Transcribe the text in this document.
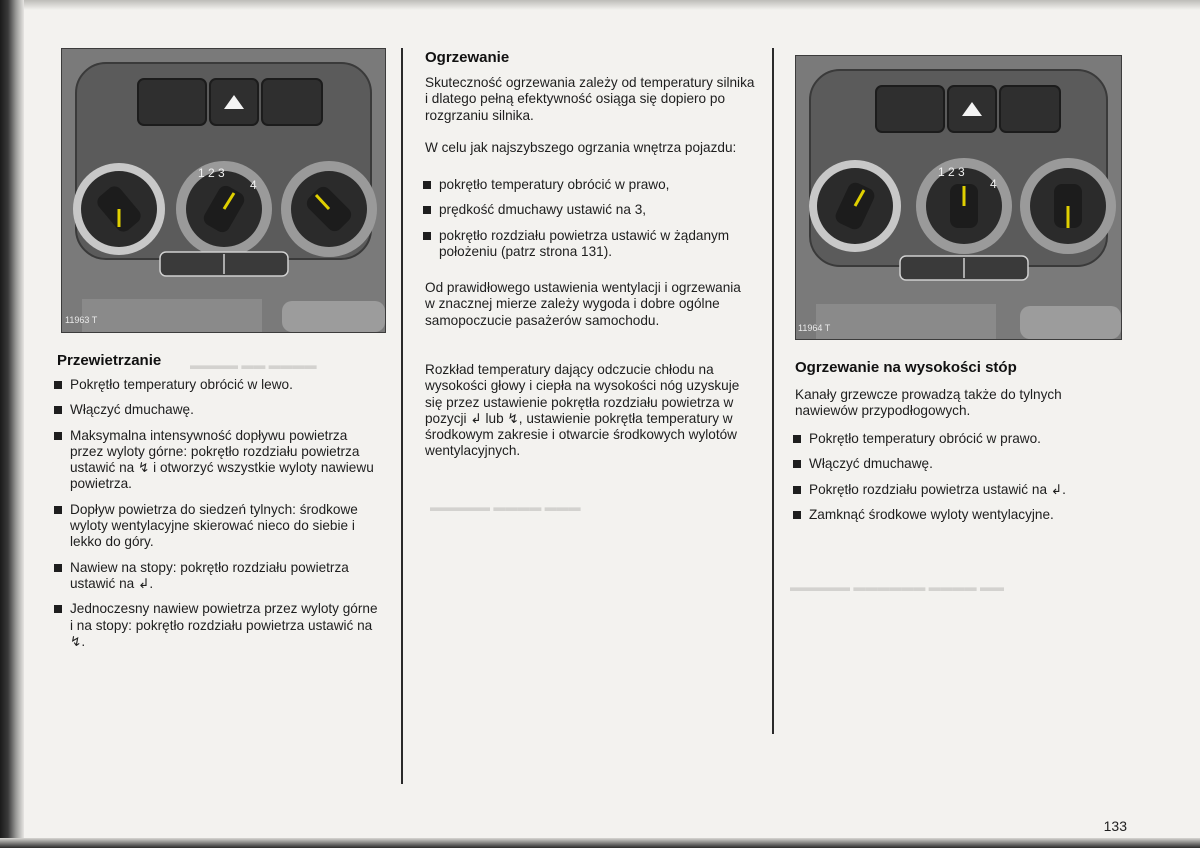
▬▬▬▬ ▬▬ ▬▬▬▬
▬▬▬▬▬ ▬▬▬▬ ▬▬▬
▬▬▬▬▬ ▬▬▬▬▬▬ ▬▬▬▬ ▬▬
1 2 3
4
11963 T
1 2 3
4
11964 T
Przewietrzanie
Pokrętło temperatury obrócić w lewo.
Włączyć dmuchawę.
Maksymalna intensywność dopływu powietrza przez wyloty górne: pokrętło rozdziału powietrza ustawić na ↯ i otworzyć wszystkie wyloty nawiewu powietrza.
Dopływ powietrza do siedzeń tylnych: środkowe wyloty wentylacyjne skierować nieco do siebie i lekko do góry.
Nawiew na stopy: pokrętło rozdziału powietrza ustawić na ↲.
Jednoczesny nawiew powietrza przez wyloty górne i na stopy: pokrętło rozdziału powietrza ustawić na ↯.
Ogrzewanie

Skuteczność ogrzewania zależy od temperatury silnika i dlatego pełną efektywność osiąga się dopiero po rozgrzaniu silnika.

W celu jak najszybszego ogrzania wnętrza pojazdu:

pokrętło temperatury obrócić w prawo,
prędkość dmuchawy ustawić na 3,
pokrętło rozdziału powietrza ustawić w żądanym położeniu (patrz strona 131).

Od prawidłowego ustawienia wentylacji i ogrzewania w znacznej mierze zależy wygoda i dobre ogólne samopoczucie pasażerów samochodu.

Rozkład temperatury dający odczucie chłodu na wysokości głowy i ciepła na wysokości nóg uzyskuje się przez ustawienie pokrętła rozdziału powietrza w pozycji ↲ lub ↯, ustawienie pokrętła temperatury w środkowym zakresie i otwarcie środkowych wylotów wentylacyjnych.

Ogrzewanie na wysokości stóp

Kanały grzewcze prowadzą także do tylnych nawiewów przypodłogowych.

Pokrętło temperatury obrócić w prawo.
Włączyć dmuchawę.
Pokrętło rozdziału powietrza ustawić na ↲.
Zamknąć środkowe wyloty wentylacyjne.
133
